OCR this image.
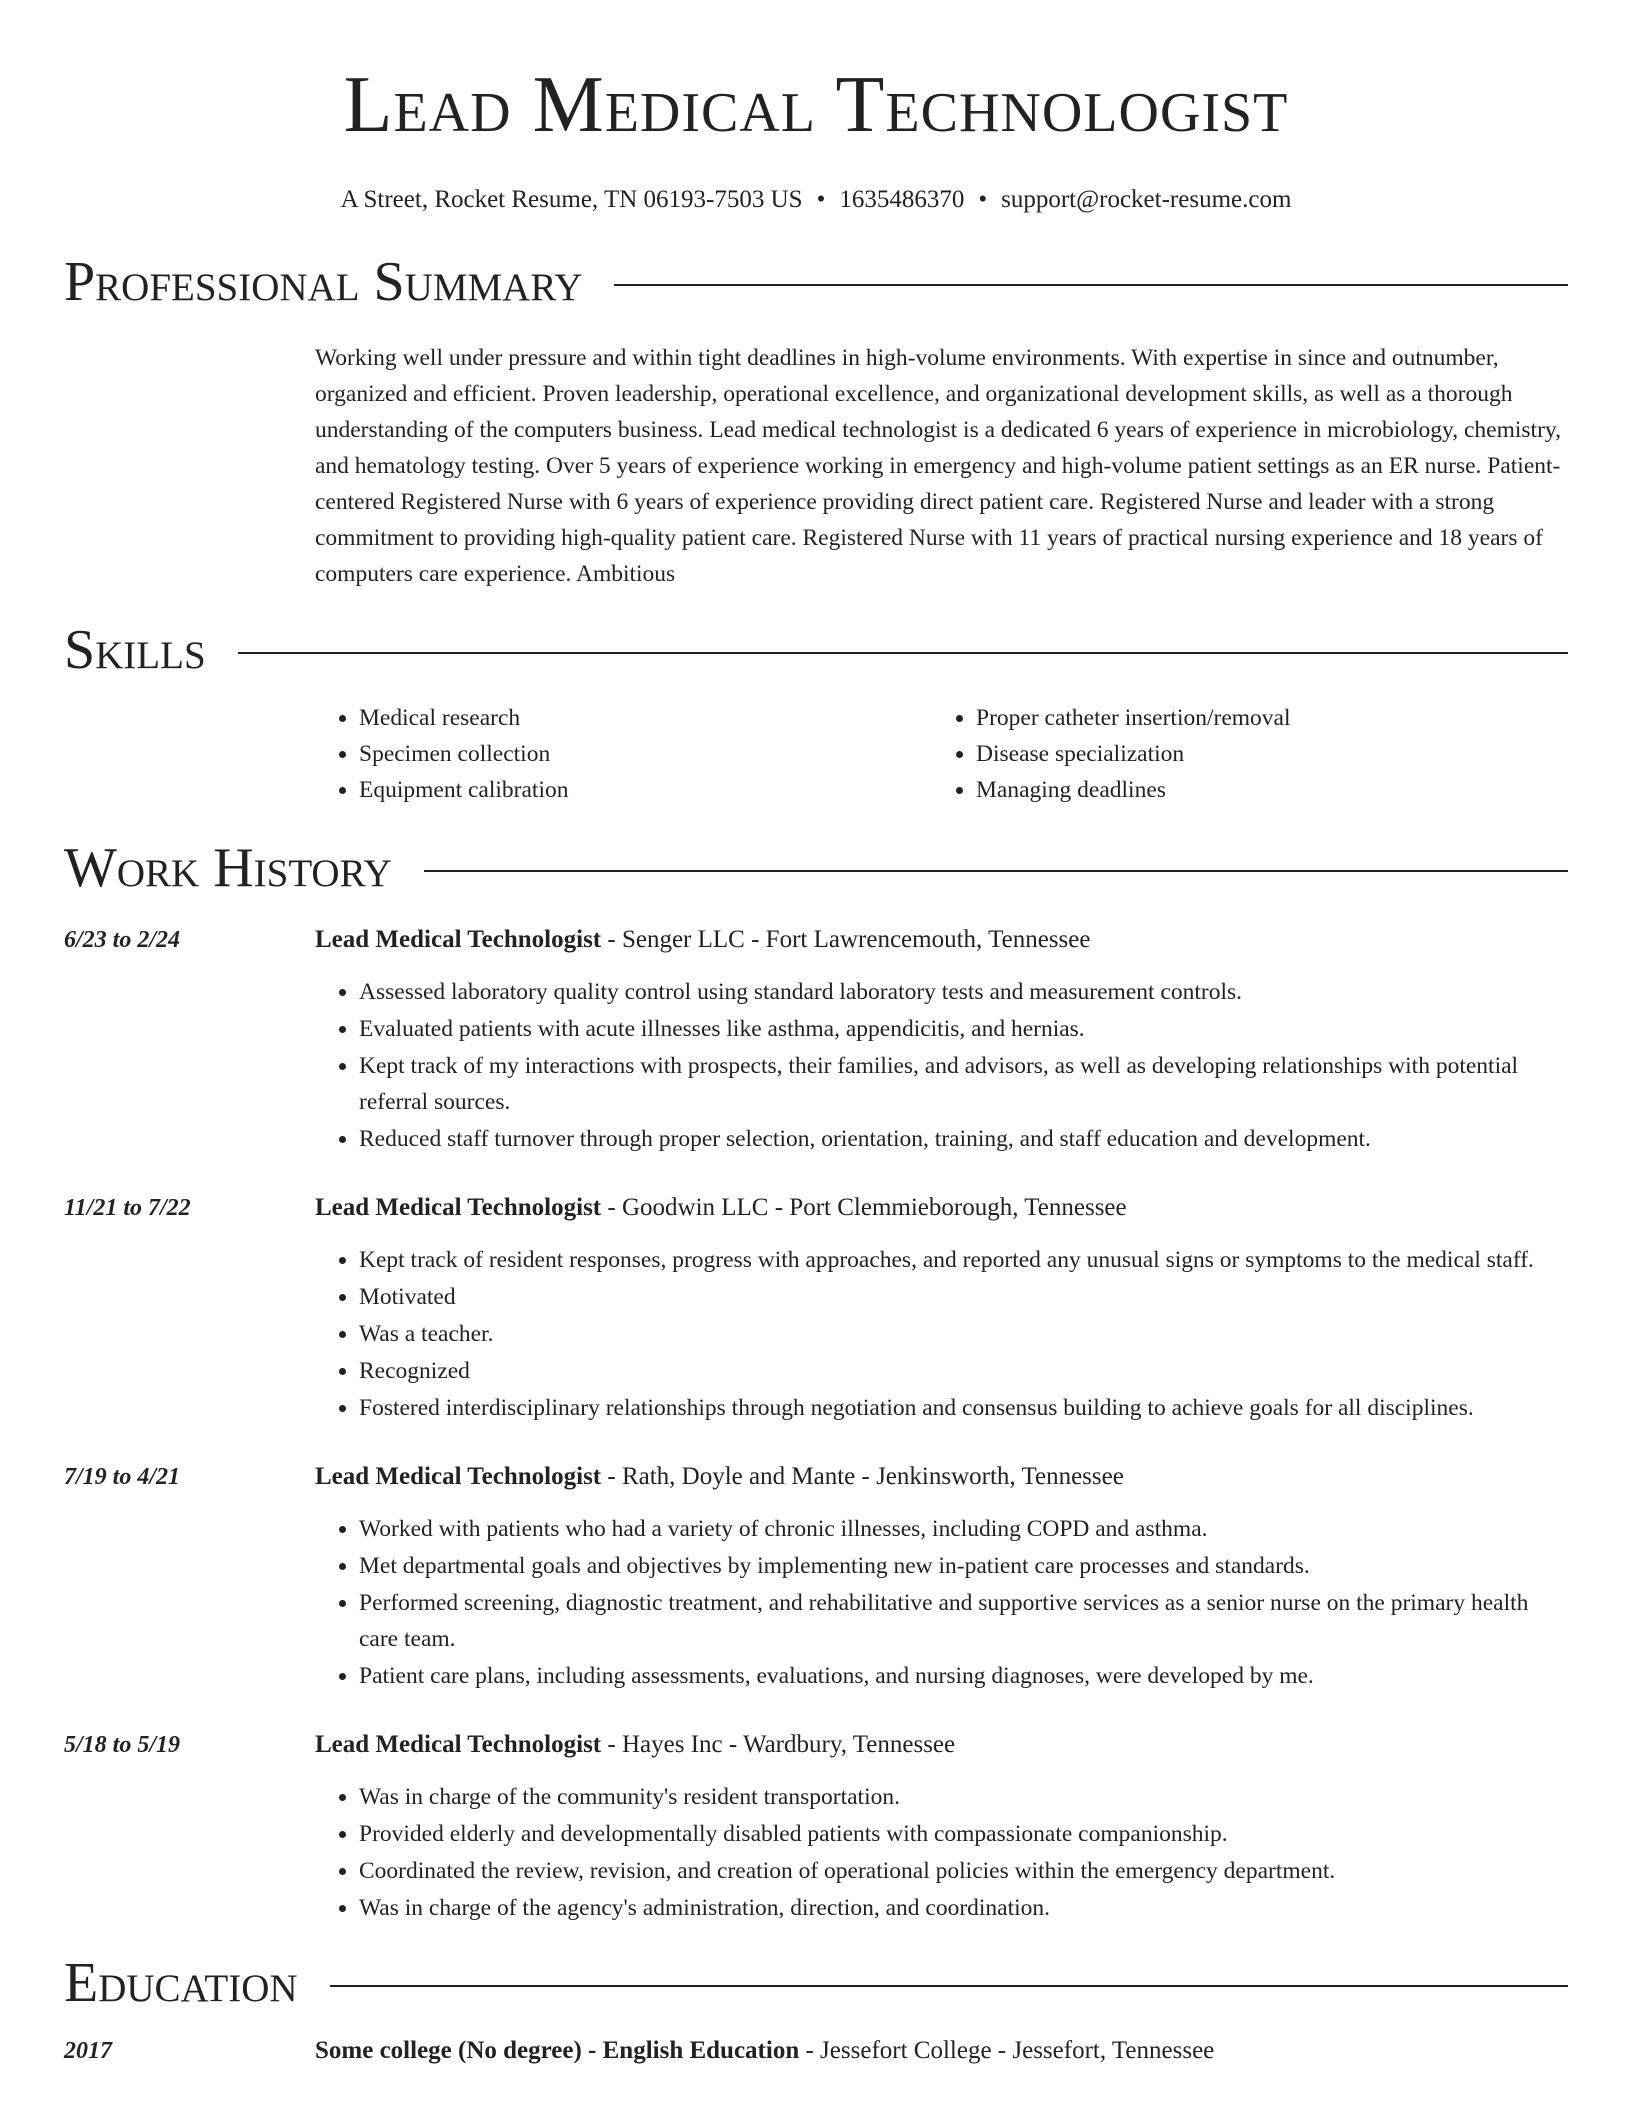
Lead Medical Technologist
A Street, Rocket Resume, TN 06193-7503 US • 1635486370 • support@rocket-resume.com
Professional Summary

Working well under pressure and within tight deadlines in high-volume environments. With expertise in since and outnumber, organized and efficient. Proven leadership, operational excellence, and organizational development skills, as well as a thorough understanding of the computers business. Lead medical technologist is a dedicated 6 years of experience in microbiology, chemistry, and hematology testing. Over 5 years of experience working in emergency and high-volume patient settings as an ER nurse. Patient-centered Registered Nurse with 6 years of experience providing direct patient care. Registered Nurse and leader with a strong commitment to providing high-quality patient care. Registered Nurse with 11 years of practical nursing experience and 18 years of computers care experience. Ambitious

Skills
• Medical research
• Specimen collection
• Equipment calibration
• Proper catheter insertion/removal
• Disease specialization
• Managing deadlines
Work History
6/23 to 2/24	Lead Medical Technologist - Senger LLC - Fort Lawrencemouth, Tennessee
• Assessed laboratory quality control using standard laboratory tests and measurement controls.
• Evaluated patients with acute illnesses like asthma, appendicitis, and hernias.
• Kept track of my interactions with prospects, their families, and advisors, as well as developing relationships with potential referral sources.
• Reduced staff turnover through proper selection, orientation, training, and staff education and development.
11/21 to 7/22	Lead Medical Technologist - Goodwin LLC - Port Clemmieborough, Tennessee
• Kept track of resident responses, progress with approaches, and reported any unusual signs or symptoms to the medical staff.
• Motivated
• Was a teacher.
• Recognized
• Fostered interdisciplinary relationships through negotiation and consensus building to achieve goals for all disciplines.
7/19 to 4/21	Lead Medical Technologist - Rath, Doyle and Mante - Jenkinsworth, Tennessee
• Worked with patients who had a variety of chronic illnesses, including COPD and asthma.
• Met departmental goals and objectives by implementing new in-patient care processes and standards.
• Performed screening, diagnostic treatment, and rehabilitative and supportive services as a senior nurse on the primary health care team.
• Patient care plans, including assessments, evaluations, and nursing diagnoses, were developed by me.
5/18 to 5/19	Lead Medical Technologist - Hayes Inc - Wardbury, Tennessee
• Was in charge of the community's resident transportation.
• Provided elderly and developmentally disabled patients with compassionate companionship.
• Coordinated the review, revision, and creation of operational policies within the emergency department.
• Was in charge of the agency's administration, direction, and coordination.
Education
2017	Some college (No degree) - English Education - Jessefort College - Jessefort, Tennessee
